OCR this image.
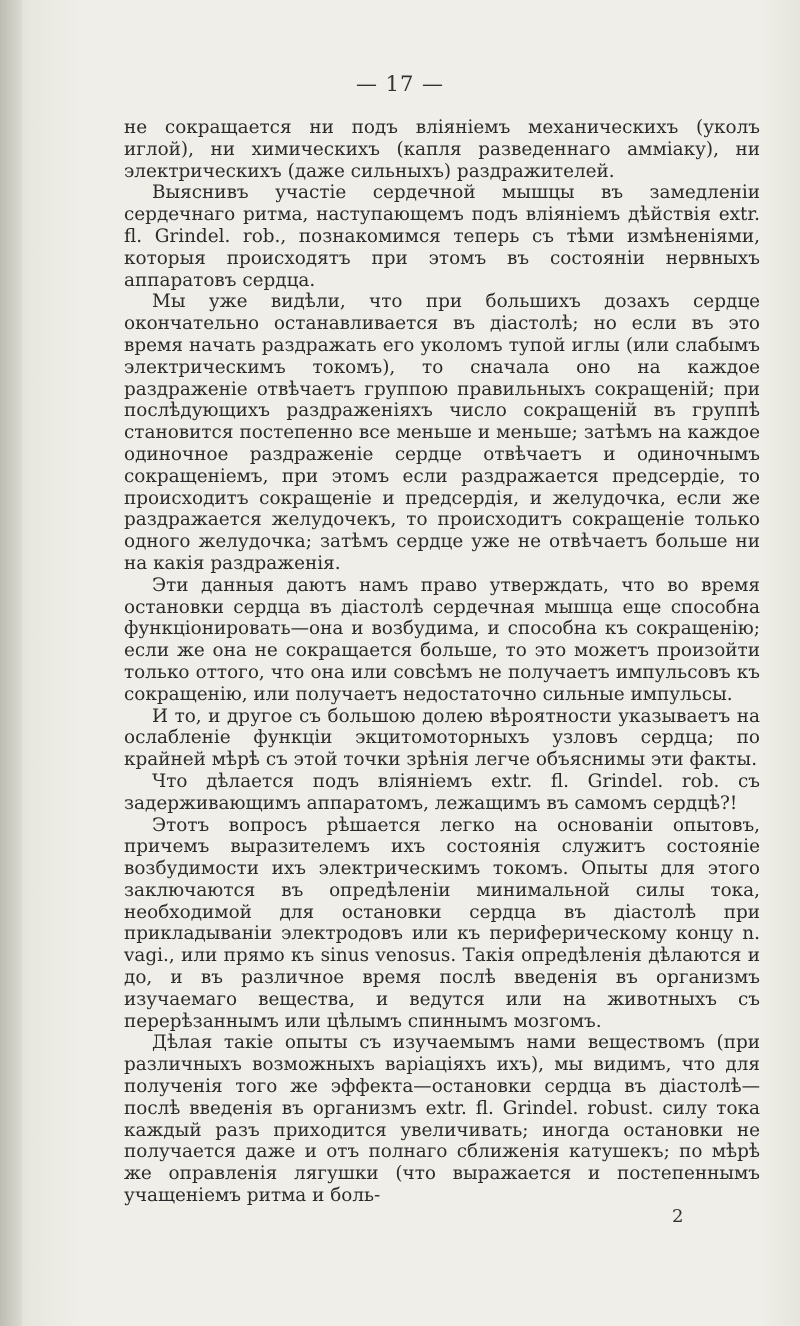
— 17 —

не сокращается ни подъ вліяніемъ механическихъ (уколъ иглой), ни химическихъ (капля разведеннаго амміаку), ни электрическихъ (даже сильныхъ) раздражителей.

Выяснивъ участіе сердечной мышцы въ замедленіи сердечнаго ритма, наступающемъ подъ вліяніемъ дѣйствія extr. fl. Grindel. rob., познакомимся теперь съ тѣми измѣненіями, которыя происходятъ при этомъ въ состояніи нервныхъ аппаратовъ сердца.

Мы уже видѣли, что при большихъ дозахъ сердце окончательно останавливается въ діастолѣ; но если въ это время начать раздражать его уколомъ тупой иглы (или слабымъ электрическимъ токомъ), то сначала оно на каждое раздраженіе отвѣчаетъ группою правильныхъ сокращеній; при послѣдующихъ раздраженіяхъ число сокращеній въ группѣ становится постепенно все меньше и меньше; затѣмъ на каждое одиночное раздраженіе сердце отвѣчаетъ и одиночнымъ сокращеніемъ, при этомъ если раздражается предсердіе, то происходитъ сокращеніе и предсердія, и желудочка, если же раздражается желудочекъ, то происходитъ сокращеніе только одного желудочка; затѣмъ сердце уже не отвѣчаетъ больше ни на какія раздраженія.

Эти данныя даютъ намъ право утверждать, что во время остановки сердца въ діастолѣ сердечная мышца еще способна функціонировать—она и возбудима, и способна къ сокращенію; если же она не сокращается больше, то это можетъ произойти только оттого, что она или совсѣмъ не получаетъ импульсовъ къ сокращенію, или получаетъ недостаточно сильные импульсы.

И то, и другое съ большою долею вѣроятности указываетъ на ослабленіе функціи экцитомоторныхъ узловъ сердца; по крайней мѣрѣ съ этой точки зрѣнія легче объяснимы эти факты.

Что дѣлается подъ вліяніемъ extr. fl. Grindel. rob. съ задерживающимъ аппаратомъ, лежащимъ въ самомъ сердцѣ?!

Этотъ вопросъ рѣшается легко на основаніи опытовъ, причемъ выразителемъ ихъ состоянія служитъ состояніе возбудимости ихъ электрическимъ токомъ. Опыты для этого заключаются въ опредѣленіи минимальной силы тока, необходимой для остановки сердца въ діастолѣ при прикладываніи электродовъ или къ периферическому концу n. vagi., или прямо къ sinus venosus. Такія опредѣленія дѣлаются и до, и въ различное время послѣ введенія въ организмъ изучаемаго вещества, и ведутся или на животныхъ съ перерѣзаннымъ или цѣлымъ спиннымъ мозгомъ.

Дѣлая такіе опыты съ изучаемымъ нами веществомъ (при различныхъ возможныхъ варіаціяхъ ихъ), мы видимъ, что для полученія того же эффекта—остановки сердца въ діастолѣ—послѣ введенія въ организмъ extr. fl. Grindel. robust. силу тока каждый разъ приходится увеличивать; иногда остановки не получается даже и отъ полнаго сближенія катушекъ; по мѣрѣ же оправленія лягушки (что выражается и постепеннымъ учащеніемъ ритма и боль-

2
